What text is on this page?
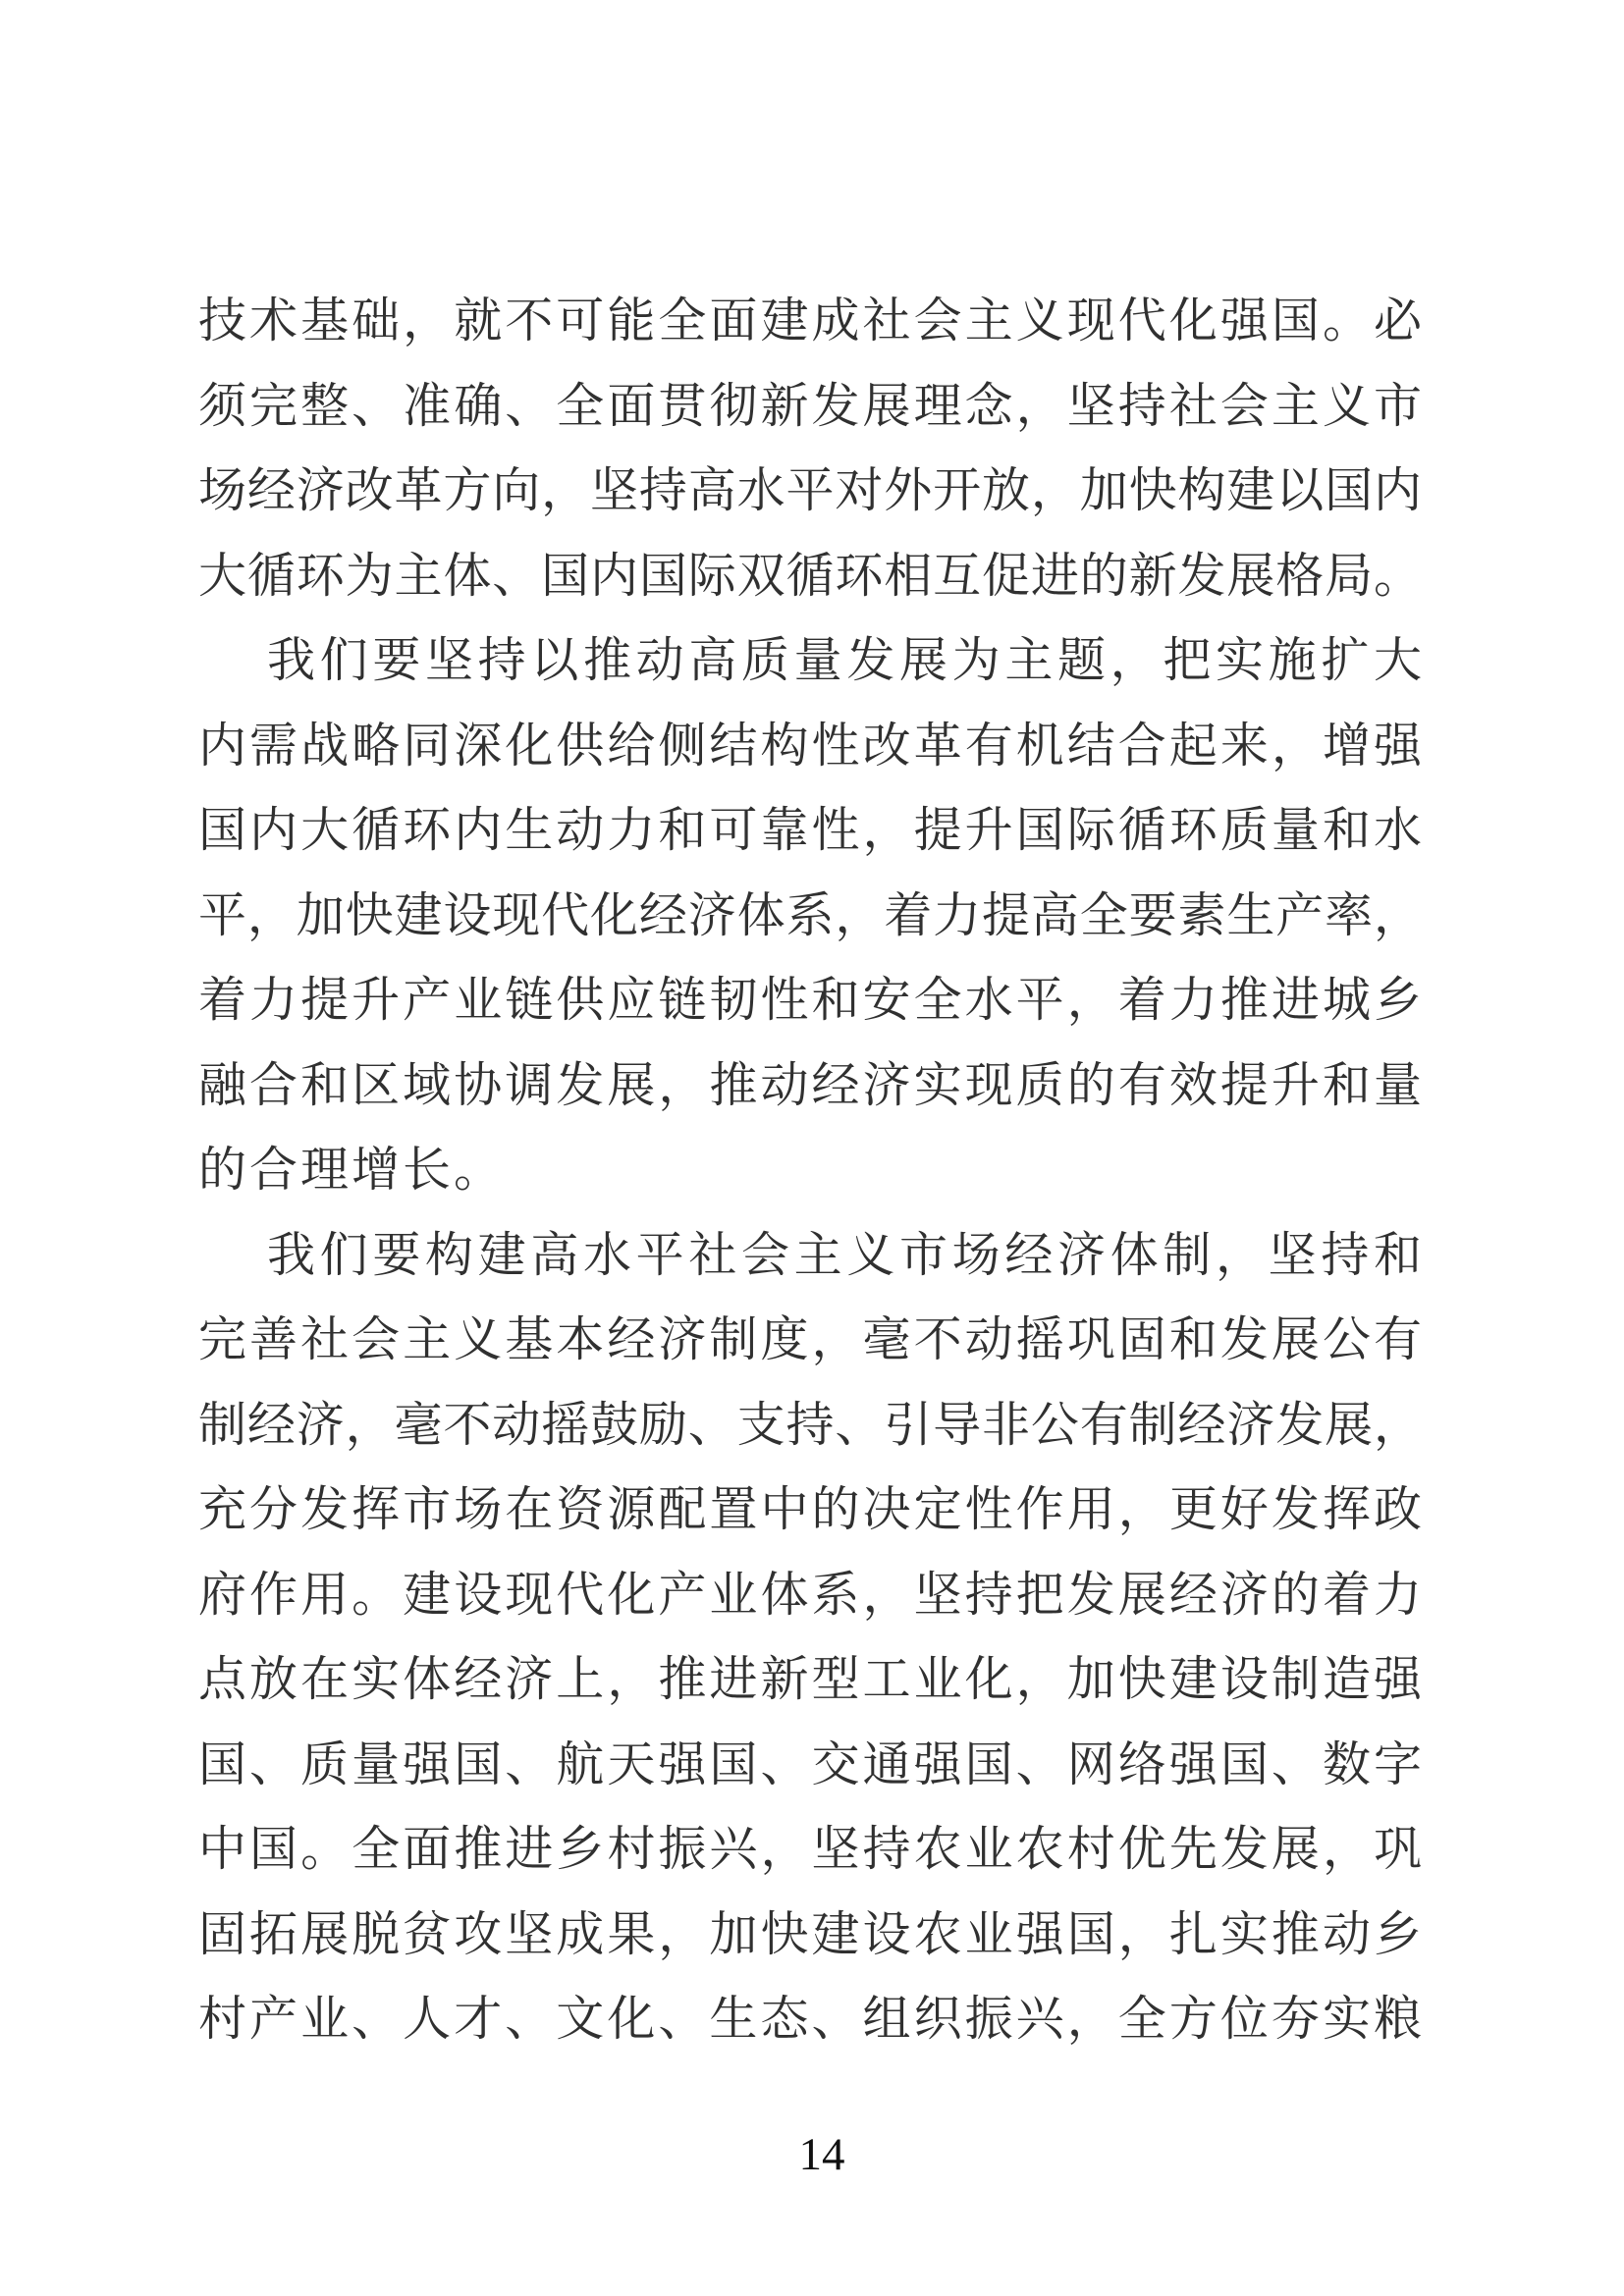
技术基础，就不可能全面建成社会主义现代化强国。必
须完整、准确、全面贯彻新发展理念，坚持社会主义市
场经济改革方向，坚持高水平对外开放，加快构建以国内
大循环为主体、国内国际双循环相互促进的新发展格局。
我们要坚持以推动高质量发展为主题，把实施扩大
内需战略同深化供给侧结构性改革有机结合起来，增强
国内大循环内生动力和可靠性，提升国际循环质量和水
平，加快建设现代化经济体系，着力提高全要素生产率，
着力提升产业链供应链韧性和安全水平，着力推进城乡
融合和区域协调发展，推动经济实现质的有效提升和量
的合理增长。
我们要构建高水平社会主义市场经济体制，坚持和
完善社会主义基本经济制度，毫不动摇巩固和发展公有
制经济，毫不动摇鼓励、支持、引导非公有制经济发展，
充分发挥市场在资源配置中的决定性作用，更好发挥政
府作用。建设现代化产业体系，坚持把发展经济的着力
点放在实体经济上，推进新型工业化，加快建设制造强
国、质量强国、航天强国、交通强国、网络强国、数字
中国。全面推进乡村振兴，坚持农业农村优先发展，巩
固拓展脱贫攻坚成果，加快建设农业强国，扎实推动乡
村产业、人才、文化、生态、组织振兴，全方位夯实粮
14
